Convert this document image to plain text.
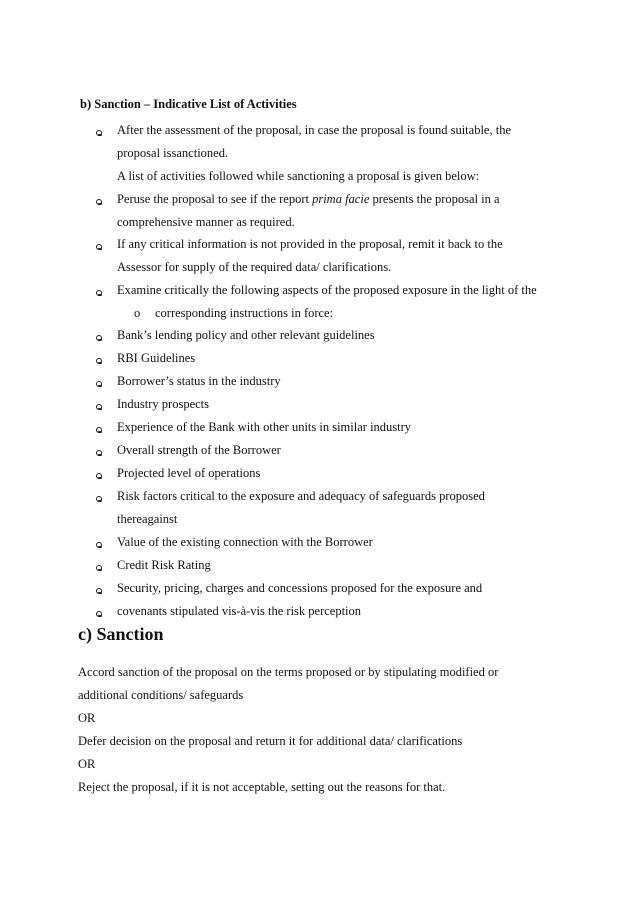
b) Sanction – Indicative List of Activities
After the assessment of the proposal, in case the proposal is found suitable, the
proposal issanctioned.
A list of activities followed while sanctioning a proposal is given below:
Peruse the proposal to see if the report prima facie presents the proposal in a
comprehensive manner as required.
If any critical information is not provided in the proposal, remit it back to the
Assessor for supply of the required data/ clarifications.
Examine critically the following aspects of the proposed exposure in the light of the
o corresponding instructions in force:
Bank’s lending policy and other relevant guidelines
RBI Guidelines
Borrower’s status in the industry
Industry prospects
Experience of the Bank with other units in similar industry
Overall strength of the Borrower
Projected level of operations
Risk factors critical to the exposure and adequacy of safeguards proposed
thereagainst
Value of the existing connection with the Borrower
Credit Risk Rating
Security, pricing, charges and concessions proposed for the exposure and
covenants stipulated vis-à-vis the risk perception
c) Sanction
Accord sanction of the proposal on the terms proposed or by stipulating modified or
additional conditions/ safeguards
OR
Defer decision on the proposal and return it for additional data/ clarifications
OR
Reject the proposal, if it is not acceptable, setting out the reasons for that.
